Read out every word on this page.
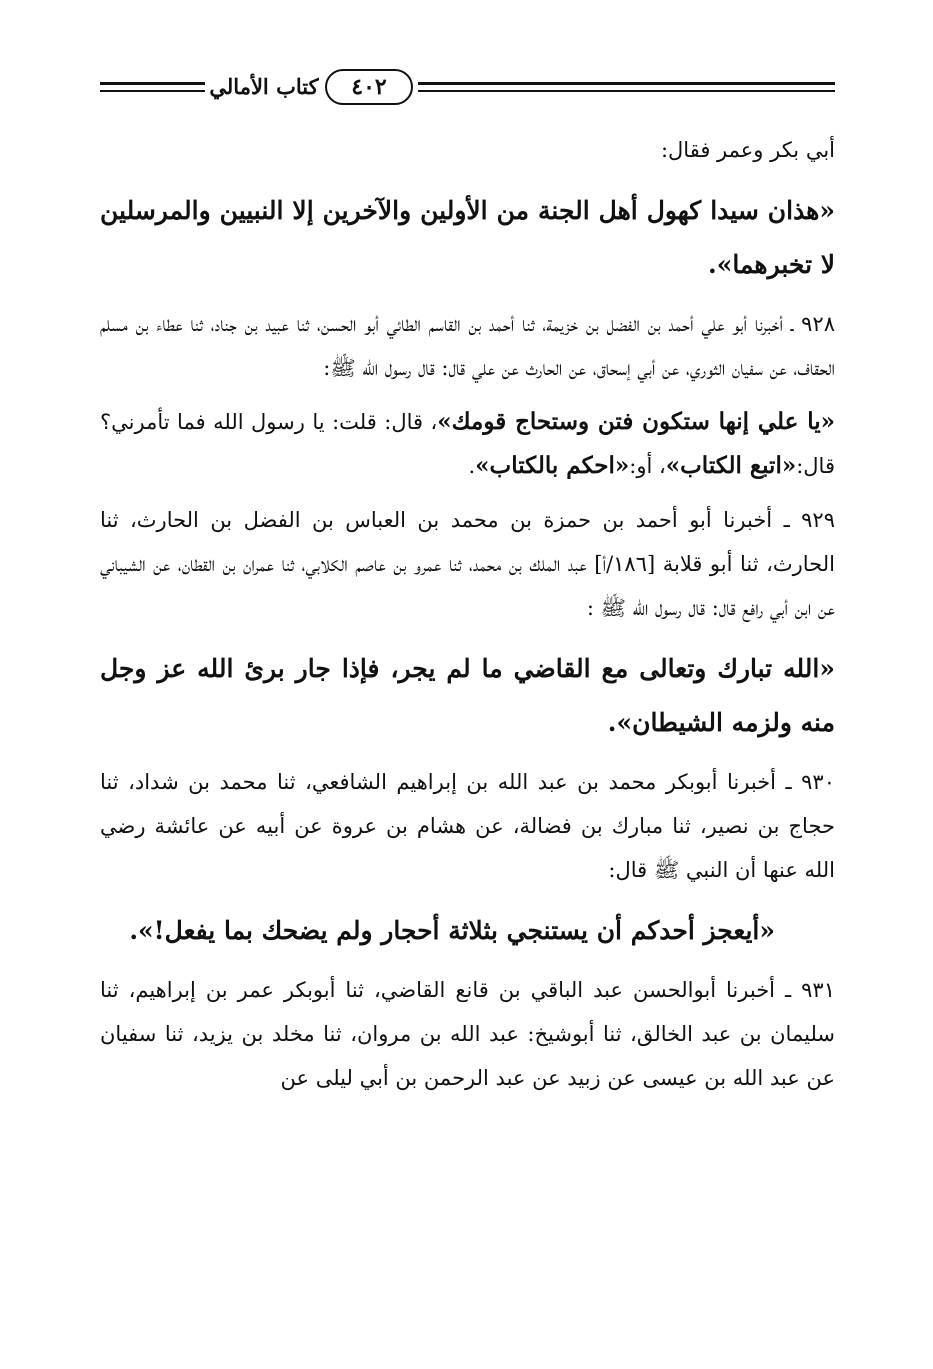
كتاب الأمالي	٤٠٢

أبي بكر وعمر فقال:

«هذان سيدا كهول أهل الجنة من الأولين والآخرين إلا النبيين والمرسلين لا تخبرهما».

٩٢٨ ـ أخبرنا أبو علي أحمد بن الفضل بن خزيمة، ثنا أحمد بن القاسم الطائي أبو الحسن، ثنا عبيد بن جناد، ثنا عطاء بن مسلم الحقاف، عن سفيان الثوري، عن أبي إسحاق، عن الحارث عن علي قال: قال رسول الله ﷺ:

«يا علي إنها ستكون فتن وستحاج قومك»، قال: قلت: يا رسول الله فما تأمرني؟ قال:«اتبع الكتاب»، أو:«احكم بالكتاب».

٩٢٩ ـ أخبرنا أبو أحمد بن حمزة بن محمد بن العباس بن الفضل بن الحارث، ثنا الحارث، ثنا أبو قلابة [١٨٦/أ] عبد الملك بن محمد، ثنا عمرو بن عاصم الكلابي، ثنا عمران بن القطان، عن الشيباني عن ابن أبي رافع قال: قال رسول الله ﷺ :

«الله تبارك وتعالى مع القاضي ما لم يجر، فإذا جار برئ الله عز وجل منه ولزمه الشيطان».

٩٣٠ ـ أخبرنا أبوبكر محمد بن عبد الله بن إبراهيم الشافعي، ثنا محمد بن شداد، ثنا حجاج بن نصير، ثنا مبارك بن فضالة، عن هشام بن عروة عن أبيه عن عائشة رضي الله عنها أن النبي ﷺ قال:

«أيعجز أحدكم أن يستنجي بثلاثة أحجار ولم يضحك بما يفعل!».

٩٣١ ـ أخبرنا أبوالحسن عبد الباقي بن قانع القاضي، ثنا أبوبكر عمر بن إبراهيم، ثنا سليمان بن عبد الخالق، ثنا أبوشيخ: عبد الله بن مروان، ثنا مخلد بن يزيد، ثنا سفيان عن عبد الله بن عيسى عن زبيد عن عبد الرحمن بن أبي ليلى عن
